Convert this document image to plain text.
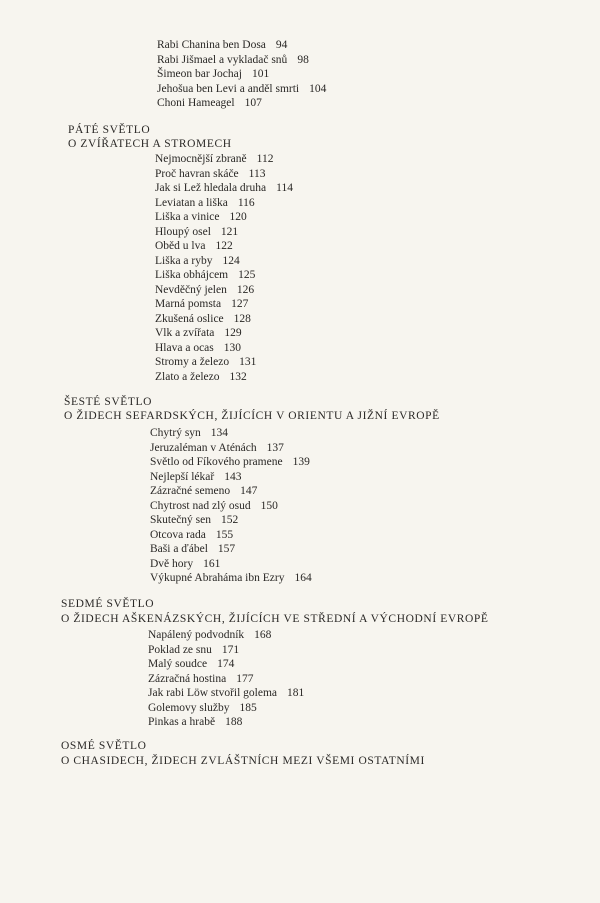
Rabi Chanina ben Dosa 94
Rabi Jišmael a vykladač snů 98
Šimeon bar Jochaj 101
Jehošua ben Levi a anděl smrti 104
Choni Hameagel 107
PÁTÉ SVĚTLO
O ZVÍŘATECH A STROMECH
Nejmocnější zbraně 112
Proč havran skáče 113
Jak si Lež hledala druha 114
Leviatan a liška 116
Liška a vinice 120
Hloupý osel 121
Oběd u lva 122
Liška a ryby 124
Liška obhájcem 125
Nevděčný jelen 126
Marná pomsta 127
Zkušená oslice 128
Vlk a zvířata 129
Hlava a ocas 130
Stromy a železo 131
Zlato a železo 132
ŠESTÉ SVĚTLO
O ŽIDECH SEFARDSKÝCH, ŽIJÍCÍCH V ORIENTU A JIŽNÍ EVROPĚ
Chytrý syn 134
Jeruzaléman v Aténách 137
Světlo od Fíkového pramene 139
Nejlepší lékař 143
Zázračné semeno 147
Chytrost nad zlý osud 150
Skutečný sen 152
Otcova rada 155
Baši a ďábel 157
Dvě hory 161
Výkupné Abraháma ibn Ezry 164
SEDMÉ SVĚTLO
O ŽIDECH AŠKENÁZSKÝCH, ŽIJÍCÍCH VE STŘEDNÍ A VÝCHODNÍ EVROPĚ
Napálený podvodník 168
Poklad ze snu 171
Malý soudce 174
Zázračná hostina 177
Jak rabi Löw stvořil golema 181
Golemovy služby 185
Pinkas a hrabě 188
OSMÉ SVĚTLO
O CHASIDECH, ŽIDECH ZVLÁŠTNÍCH MEZI VŠEMI OSTATNÍMI
